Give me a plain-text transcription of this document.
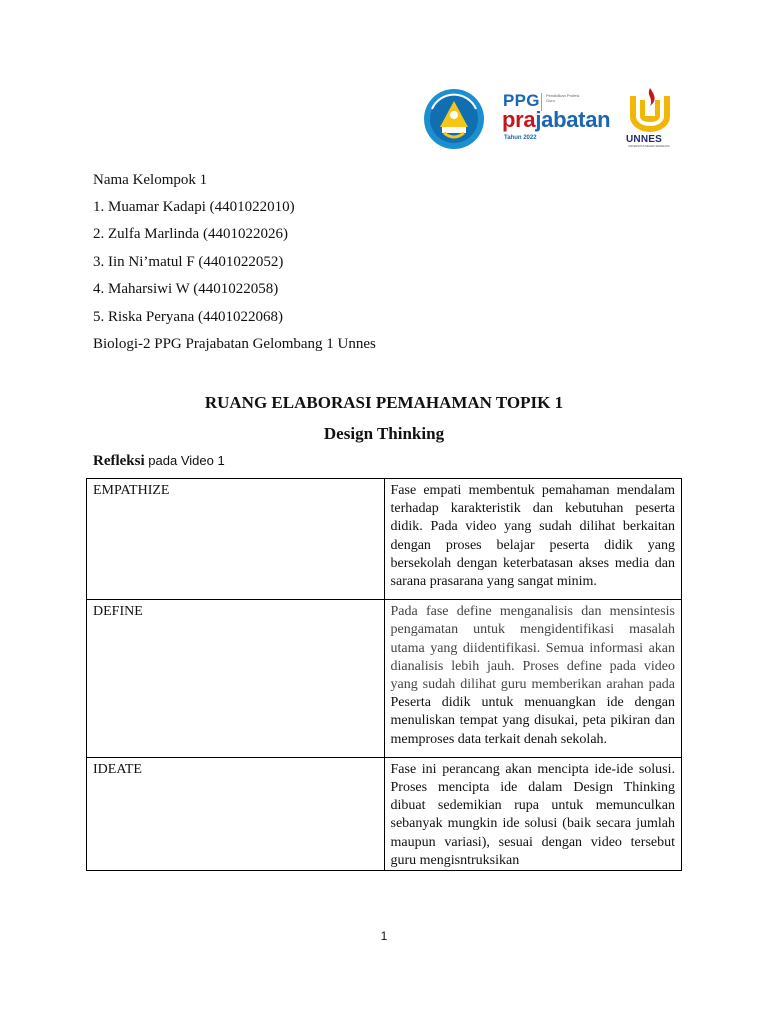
PPG Pendidikan Profesi Guru
prajabatan
Tahun 2022	UNNES
UNIVERSITAS NEGERI SEMARANG
Nama Kelompok 1
1. Muamar Kadapi (4401022010)
2. Zulfa Marlinda (4401022026)
3. Iin Ni’matul F (4401022052)
4. Maharsiwi W (4401022058)
5. Riska Peryana (4401022068)
Biologi-2 PPG Prajabatan Gelombang 1 Unnes
RUANG ELABORASI PEMAHAMAN TOPIK 1
Design Thinking
Refleksi pada Video 1
EMPATHIZE	Fase empati membentuk pemahaman mendalam terhadap karakteristik dan kebutuhan peserta didik. Pada video yang sudah dilihat berkaitan dengan proses belajar peserta didik yang bersekolah dengan keterbatasan akses media dan sarana prasarana yang sangat minim.
DEFINE	Pada fase define menganalisis dan mensintesis pengamatan untuk mengidentifikasi masalah utama yang diidentifikasi. Semua informasi akan dianalisis lebih jauh. Proses define pada video yang sudah dilihat guru memberikan arahan pada Peserta didik untuk menuangkan ide dengan menuliskan tempat yang disukai, peta pikiran dan memproses data terkait denah sekolah.
IDEATE	Fase ini perancang akan mencipta ide-ide solusi. Proses mencipta ide dalam Design Thinking dibuat sedemikian rupa untuk memunculkan sebanyak mungkin ide solusi (baik secara jumlah maupun variasi), sesuai dengan video tersebut guru mengisntruksikan
1
